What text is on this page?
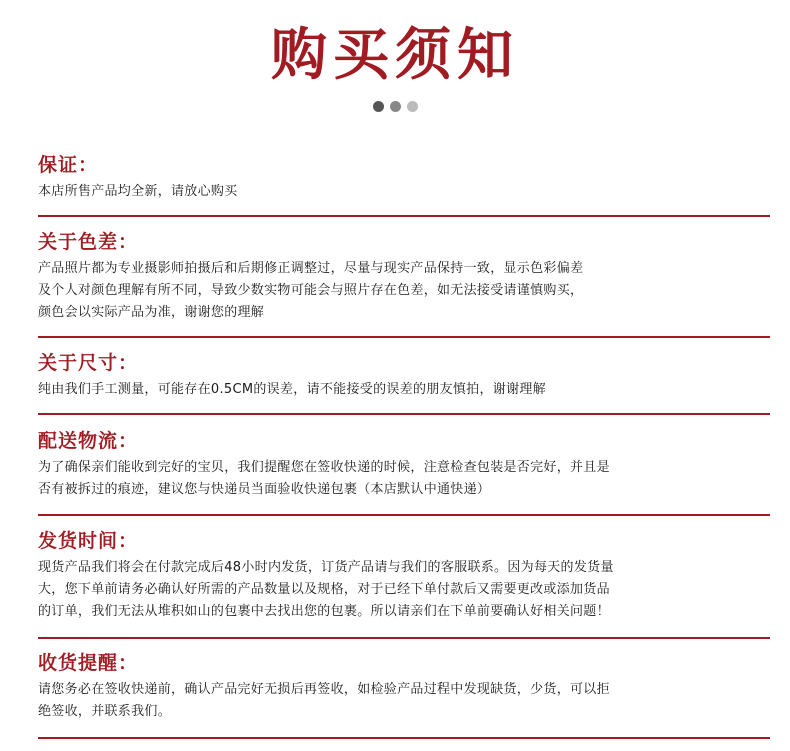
购买须知
保证：
本店所售产品均全新，请放心购买
关于色差：
产品照片都为专业摄影师拍摄后和后期修正调整过，尽量与现实产品保持一致，显示色彩偏差
及个人对颜色理解有所不同，导致少数实物可能会与照片存在色差，如无法接受请谨慎购买，
颜色会以实际产品为准，谢谢您的理解
关于尺寸：
纯由我们手工测量，可能存在0.5CM的误差，请不能接受的误差的朋友慎拍，谢谢理解
配送物流：
为了确保亲们能收到完好的宝贝，我们提醒您在签收快递的时候，注意检查包装是否完好，并且是
否有被拆过的痕迹，建议您与快递员当面验收快递包裹（本店默认中通快递）
发货时间：
现货产品我们将会在付款完成后48小时内发货，订货产品请与我们的客服联系。因为每天的发货量
大，您下单前请务必确认好所需的产品数量以及规格，对于已经下单付款后又需要更改或添加货品
的订单，我们无法从堆积如山的包裹中去找出您的包裹。所以请亲们在下单前要确认好相关问题！
收货提醒：
请您务必在签收快递前，确认产品完好无损后再签收，如检验产品过程中发现缺货，少货，可以拒
绝签收，并联系我们。
